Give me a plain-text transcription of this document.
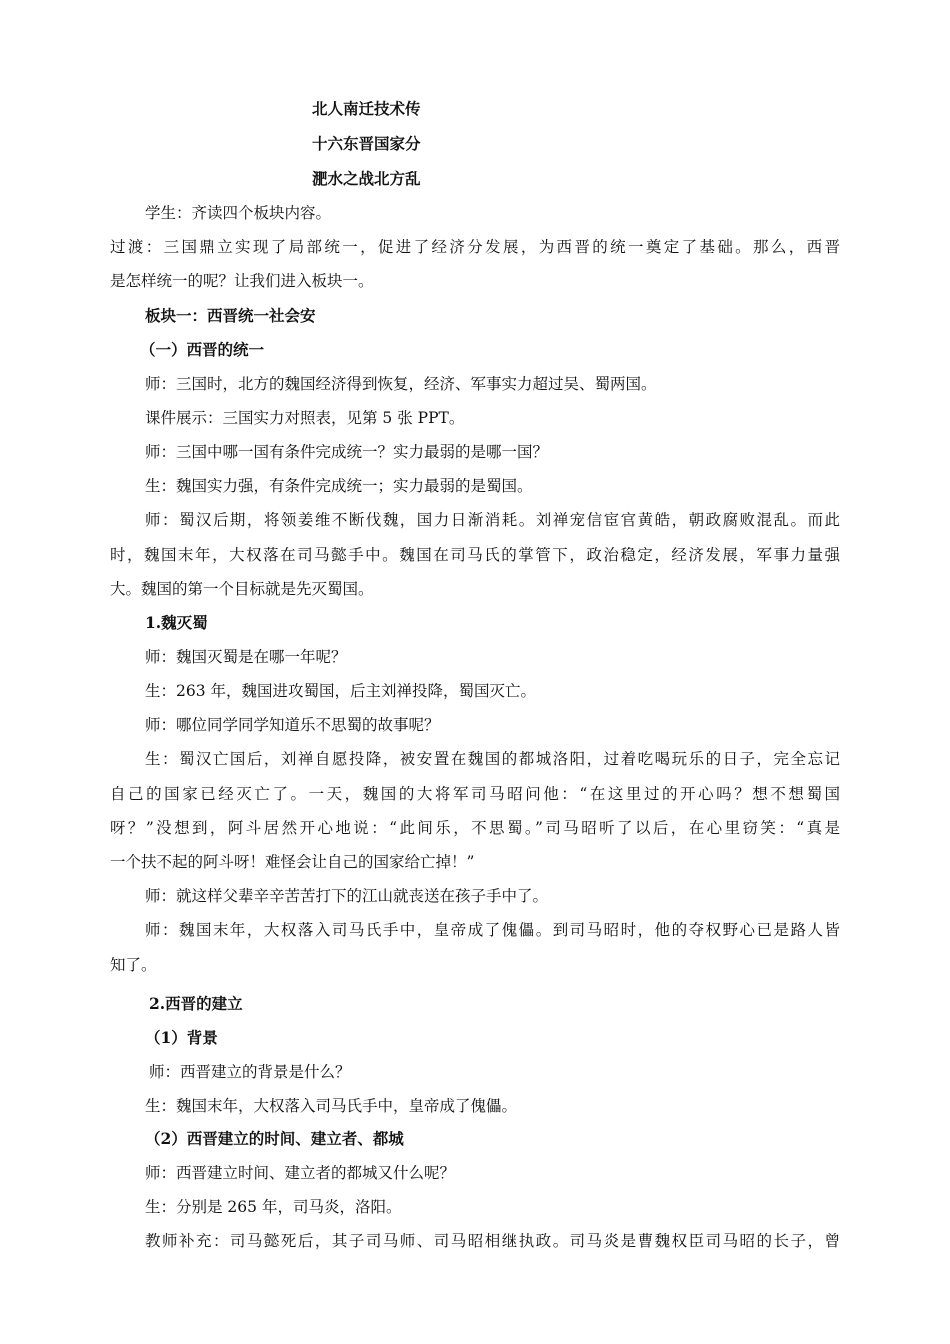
北人南迁技术传
十六东晋国家分
淝水之战北方乱
学生：齐读四个板块内容。
过渡：三国鼎立实现了局部统一，促进了经济分发展，为西晋的统一奠定了基础。那么，西晋
是怎样统一的呢？让我们进入板块一。
板块一：西晋统一社会安
（一）西晋的统一
师：三国时，北方的魏国经济得到恢复，经济、军事实力超过吴、蜀两国。
课件展示：三国实力对照表，见第 5 张 PPT。
师：三国中哪一国有条件完成统一？实力最弱的是哪一国？
生：魏国实力强，有条件完成统一；实力最弱的是蜀国。
师：蜀汉后期，将领姜维不断伐魏，国力日渐消耗。刘禅宠信宦官黄皓，朝政腐败混乱。而此
时，魏国末年，大权落在司马懿手中。魏国在司马氏的掌管下，政治稳定，经济发展，军事力量强
大。魏国的第一个目标就是先灭蜀国。
1.魏灭蜀
师：魏国灭蜀是在哪一年呢？
生：263 年，魏国进攻蜀国，后主刘禅投降，蜀国灭亡。
师：哪位同学同学知道乐不思蜀的故事呢？
生：蜀汉亡国后，刘禅自愿投降，被安置在魏国的都城洛阳，过着吃喝玩乐的日子，完全忘记
自己的国家已经灭亡了。一天，魏国的大将军司马昭问他：“在这里过的开心吗？想不想蜀国
呀？”没想到，阿斗居然开心地说：“此间乐，不思蜀。”司马昭听了以后，在心里窃笑：“真是
一个扶不起的阿斗呀！难怪会让自己的国家给亡掉！”
师：就这样父辈辛辛苦苦打下的江山就丧送在孩子手中了。
师：魏国末年，大权落入司马氏手中，皇帝成了傀儡。到司马昭时，他的夺权野心已是路人皆
知了。
2.西晋的建立
（1）背景
师：西晋建立的背景是什么？
生：魏国末年，大权落入司马氏手中，皇帝成了傀儡。
（2）西晋建立的时间、建立者、都城
师：西晋建立时间、建立者的都城又什么呢？
生：分别是 265 年，司马炎，洛阳。
教师补充：司马懿死后，其子司马师、司马昭相继执政。司马炎是曹魏权臣司马昭的长子，曾
